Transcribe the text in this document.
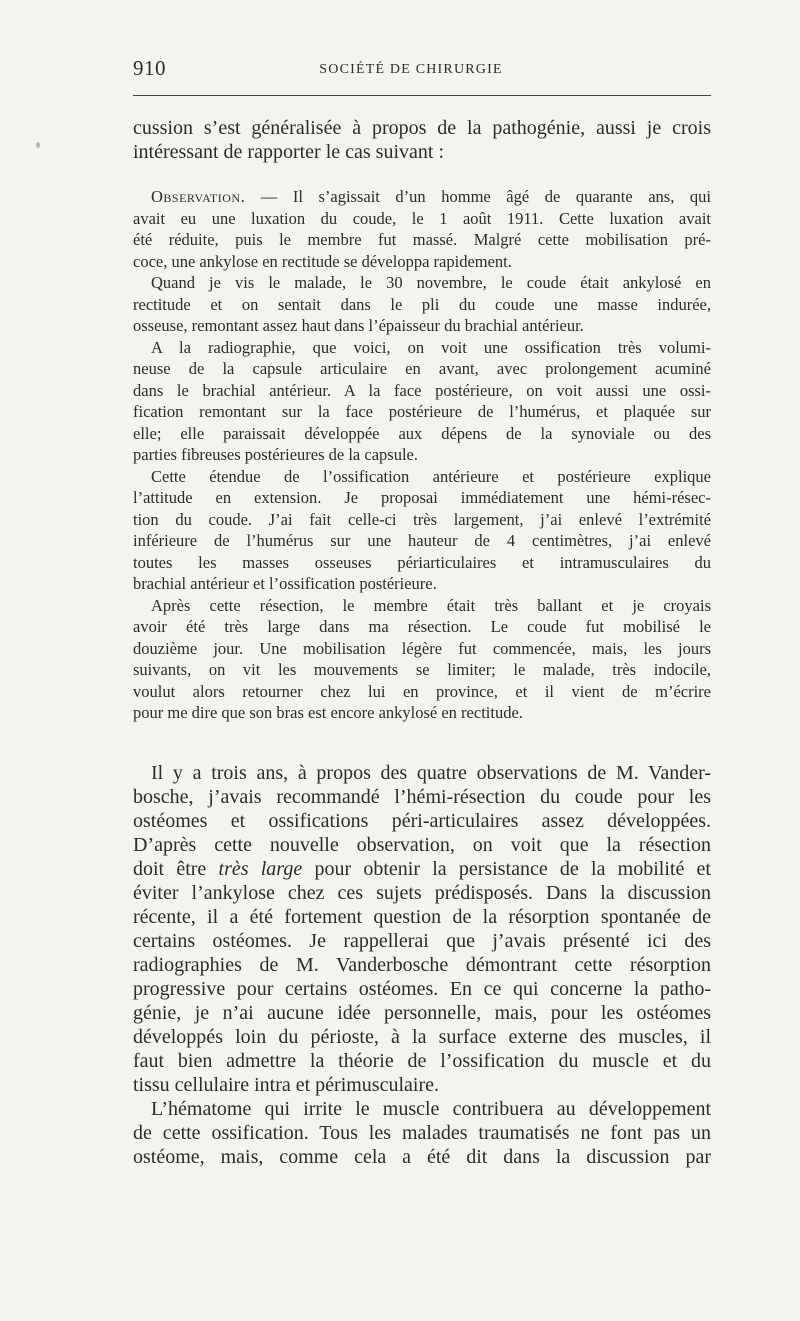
910	SOCIÉTÉ DE CHIRURGIE
cussion s’est généralisée à propos de la pathogénie, aussi je crois
intéressant de rapporter le cas suivant :
Observation. — Il s’agissait d’un homme âgé de quarante ans, qui
avait eu une luxation du coude, le 1 août 1911. Cette luxation avait
été réduite, puis le membre fut massé. Malgré cette mobilisation pré-
coce, une ankylose en rectitude se développa rapidement.
Quand je vis le malade, le 30 novembre, le coude était ankylosé en
rectitude et on sentait dans le pli du coude une masse indurée,
osseuse, remontant assez haut dans l’épaisseur du brachial antérieur.
A la radiographie, que voici, on voit une ossification très volumi-
neuse de la capsule articulaire en avant, avec prolongement acuminé
dans le brachial antérieur. A la face postérieure, on voit aussi une ossi-
fication remontant sur la face postérieure de l’humérus, et plaquée sur
elle; elle paraissait développée aux dépens de la synoviale ou des
parties fibreuses postérieures de la capsule.
Cette étendue de l’ossification antérieure et postérieure explique
l’attitude en extension. Je proposai immédiatement une hémi-résec-
tion du coude. J’ai fait celle-ci très largement, j’ai enlevé l’extrémité
inférieure de l’humérus sur une hauteur de 4 centimètres, j’ai enlevé
toutes les masses osseuses périarticulaires et intramusculaires du
brachial antérieur et l’ossification postérieure.
Après cette résection, le membre était très ballant et je croyais
avoir été très large dans ma résection. Le coude fut mobilisé le
douzième jour. Une mobilisation légère fut commencée, mais, les jours
suivants, on vit les mouvements se limiter; le malade, très indocile,
voulut alors retourner chez lui en province, et il vient de m’écrire
pour me dire que son bras est encore ankylosé en rectitude.
Il y a trois ans, à propos des quatre observations de M. Vander-
bosche, j’avais recommandé l’hémi-résection du coude pour les
ostéomes et ossifications péri-articulaires assez développées.
D’après cette nouvelle observation, on voit que la résection
doit être très large pour obtenir la persistance de la mobilité et
éviter l’ankylose chez ces sujets prédisposés. Dans la discussion
récente, il a été fortement question de la résorption spontanée de
certains ostéomes. Je rappellerai que j’avais présenté ici des
radiographies de M. Vanderbosche démontrant cette résorption
progressive pour certains ostéomes. En ce qui concerne la patho-
génie, je n’ai aucune idée personnelle, mais, pour les ostéomes
développés loin du périoste, à la surface externe des muscles, il
faut bien admettre la théorie de l’ossification du muscle et du
tissu cellulaire intra et périmusculaire.
L’hématome qui irrite le muscle contribuera au développement
de cette ossification. Tous les malades traumatisés ne font pas un
ostéome, mais, comme cela a été dit dans la discussion par
